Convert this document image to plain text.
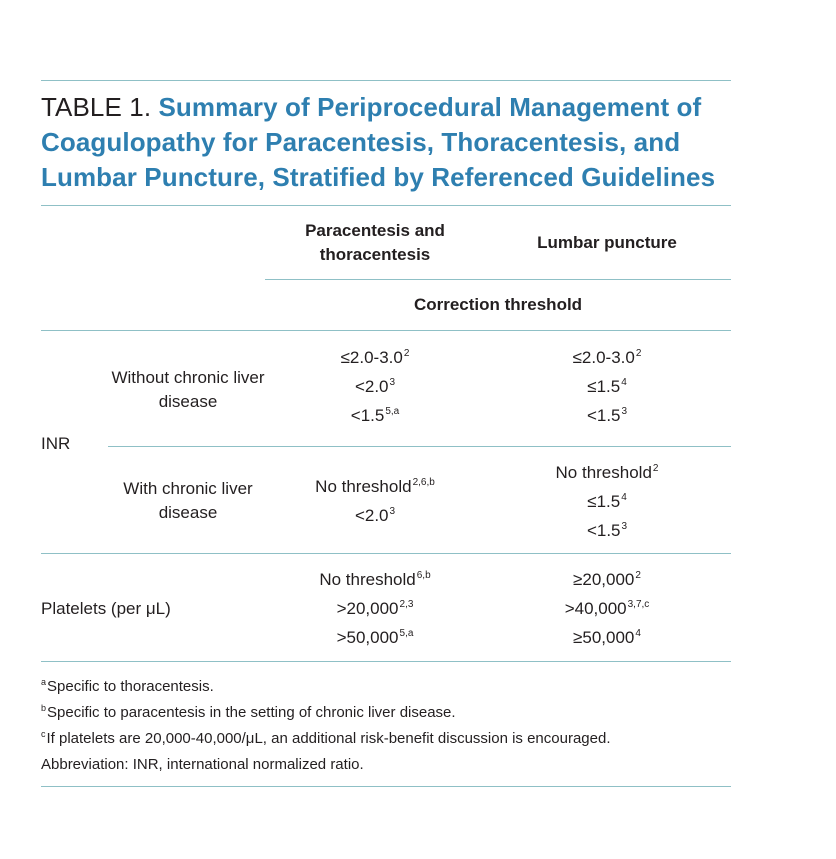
TABLE 1. Summary of Periprocedural Management of Coagulopathy for Paracentesis, Thoracentesis, and Lumbar Puncture, Stratified by Referenced Guidelines
Paracentesis and thoracentesis
Lumbar puncture
Correction threshold
INR
Without chronic liver disease
$\le 2.0-3.0^2$
$<2.0^3$
$<1.5^{5,a}$
$\le 2.0-3.0^2$
$\le 1.5^4$
$<1.5^3$
With chronic liver disease
No threshold$^{2,6,b}$
$<2.0^3$
No threshold$^2$
$\le 1.5^4$
$<1.5^3$
Platelets (per μL)
No threshold$^{6,b}$
$>20,000^{2,3}$
$>50,000^{5,a}$
$\ge 20,000^2$
$>40,000^{3,7,c}$
$\ge 50,000^4$
$^a$Specific to thoracentesis.
$^b$Specific to paracentesis in the setting of chronic liver disease.
$^c$If platelets are 20,000-40,000/μL, an additional risk-benefit discussion is encouraged.
Abbreviation: INR, international normalized ratio.
